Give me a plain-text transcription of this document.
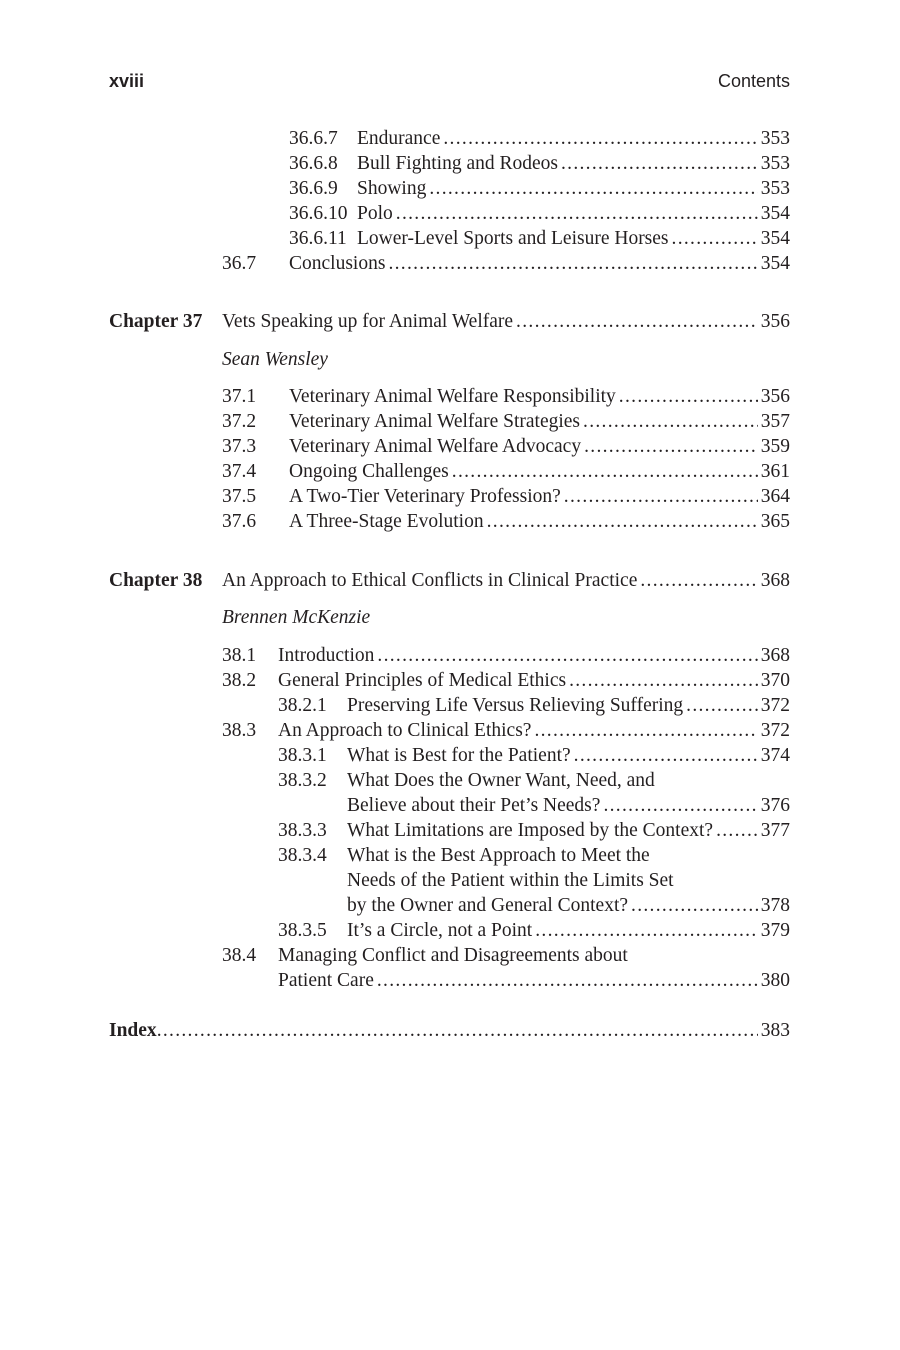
xviii	Contents
36.6.7 Endurance .....	353
36.6.8 Bull Fighting and Rodeos .....	353
36.6.9 Showing .....	353
36.6.10 Polo .....	354
36.6.11 Lower-Level Sports and Leisure Horses .....	354
36.7 Conclusions .....	354
Chapter 37 Vets Speaking up for Animal Welfare .....	356
Sean Wensley
37.1 Veterinary Animal Welfare Responsibility .....	356
37.2 Veterinary Animal Welfare Strategies .....	357
37.3 Veterinary Animal Welfare Advocacy .....	359
37.4 Ongoing Challenges .....	361
37.5 A Two-Tier Veterinary Profession? .....	364
37.6 A Three-Stage Evolution .....	365
Chapter 38 An Approach to Ethical Conflicts in Clinical Practice .....	368
Brennen McKenzie
38.1 Introduction .....	368
38.2 General Principles of Medical Ethics .....	370
38.2.1 Preserving Life Versus Relieving Suffering .....	372
38.3 An Approach to Clinical Ethics? .....	372
38.3.1 What is Best for the Patient? .....	374
38.3.2 What Does the Owner Want, Need, and
Believe about their Pet’s Needs? .....	376
38.3.3 What Limitations are Imposed by the Context? ..... 377
38.3.4 What is the Best Approach to Meet the
Needs of the Patient within the Limits Set
by the Owner and General Context? .....	378
38.3.5 It’s a Circle, not a Point .....	379
38.4 Managing Conflict and Disagreements about
Patient Care .....	380
Index .....	383
